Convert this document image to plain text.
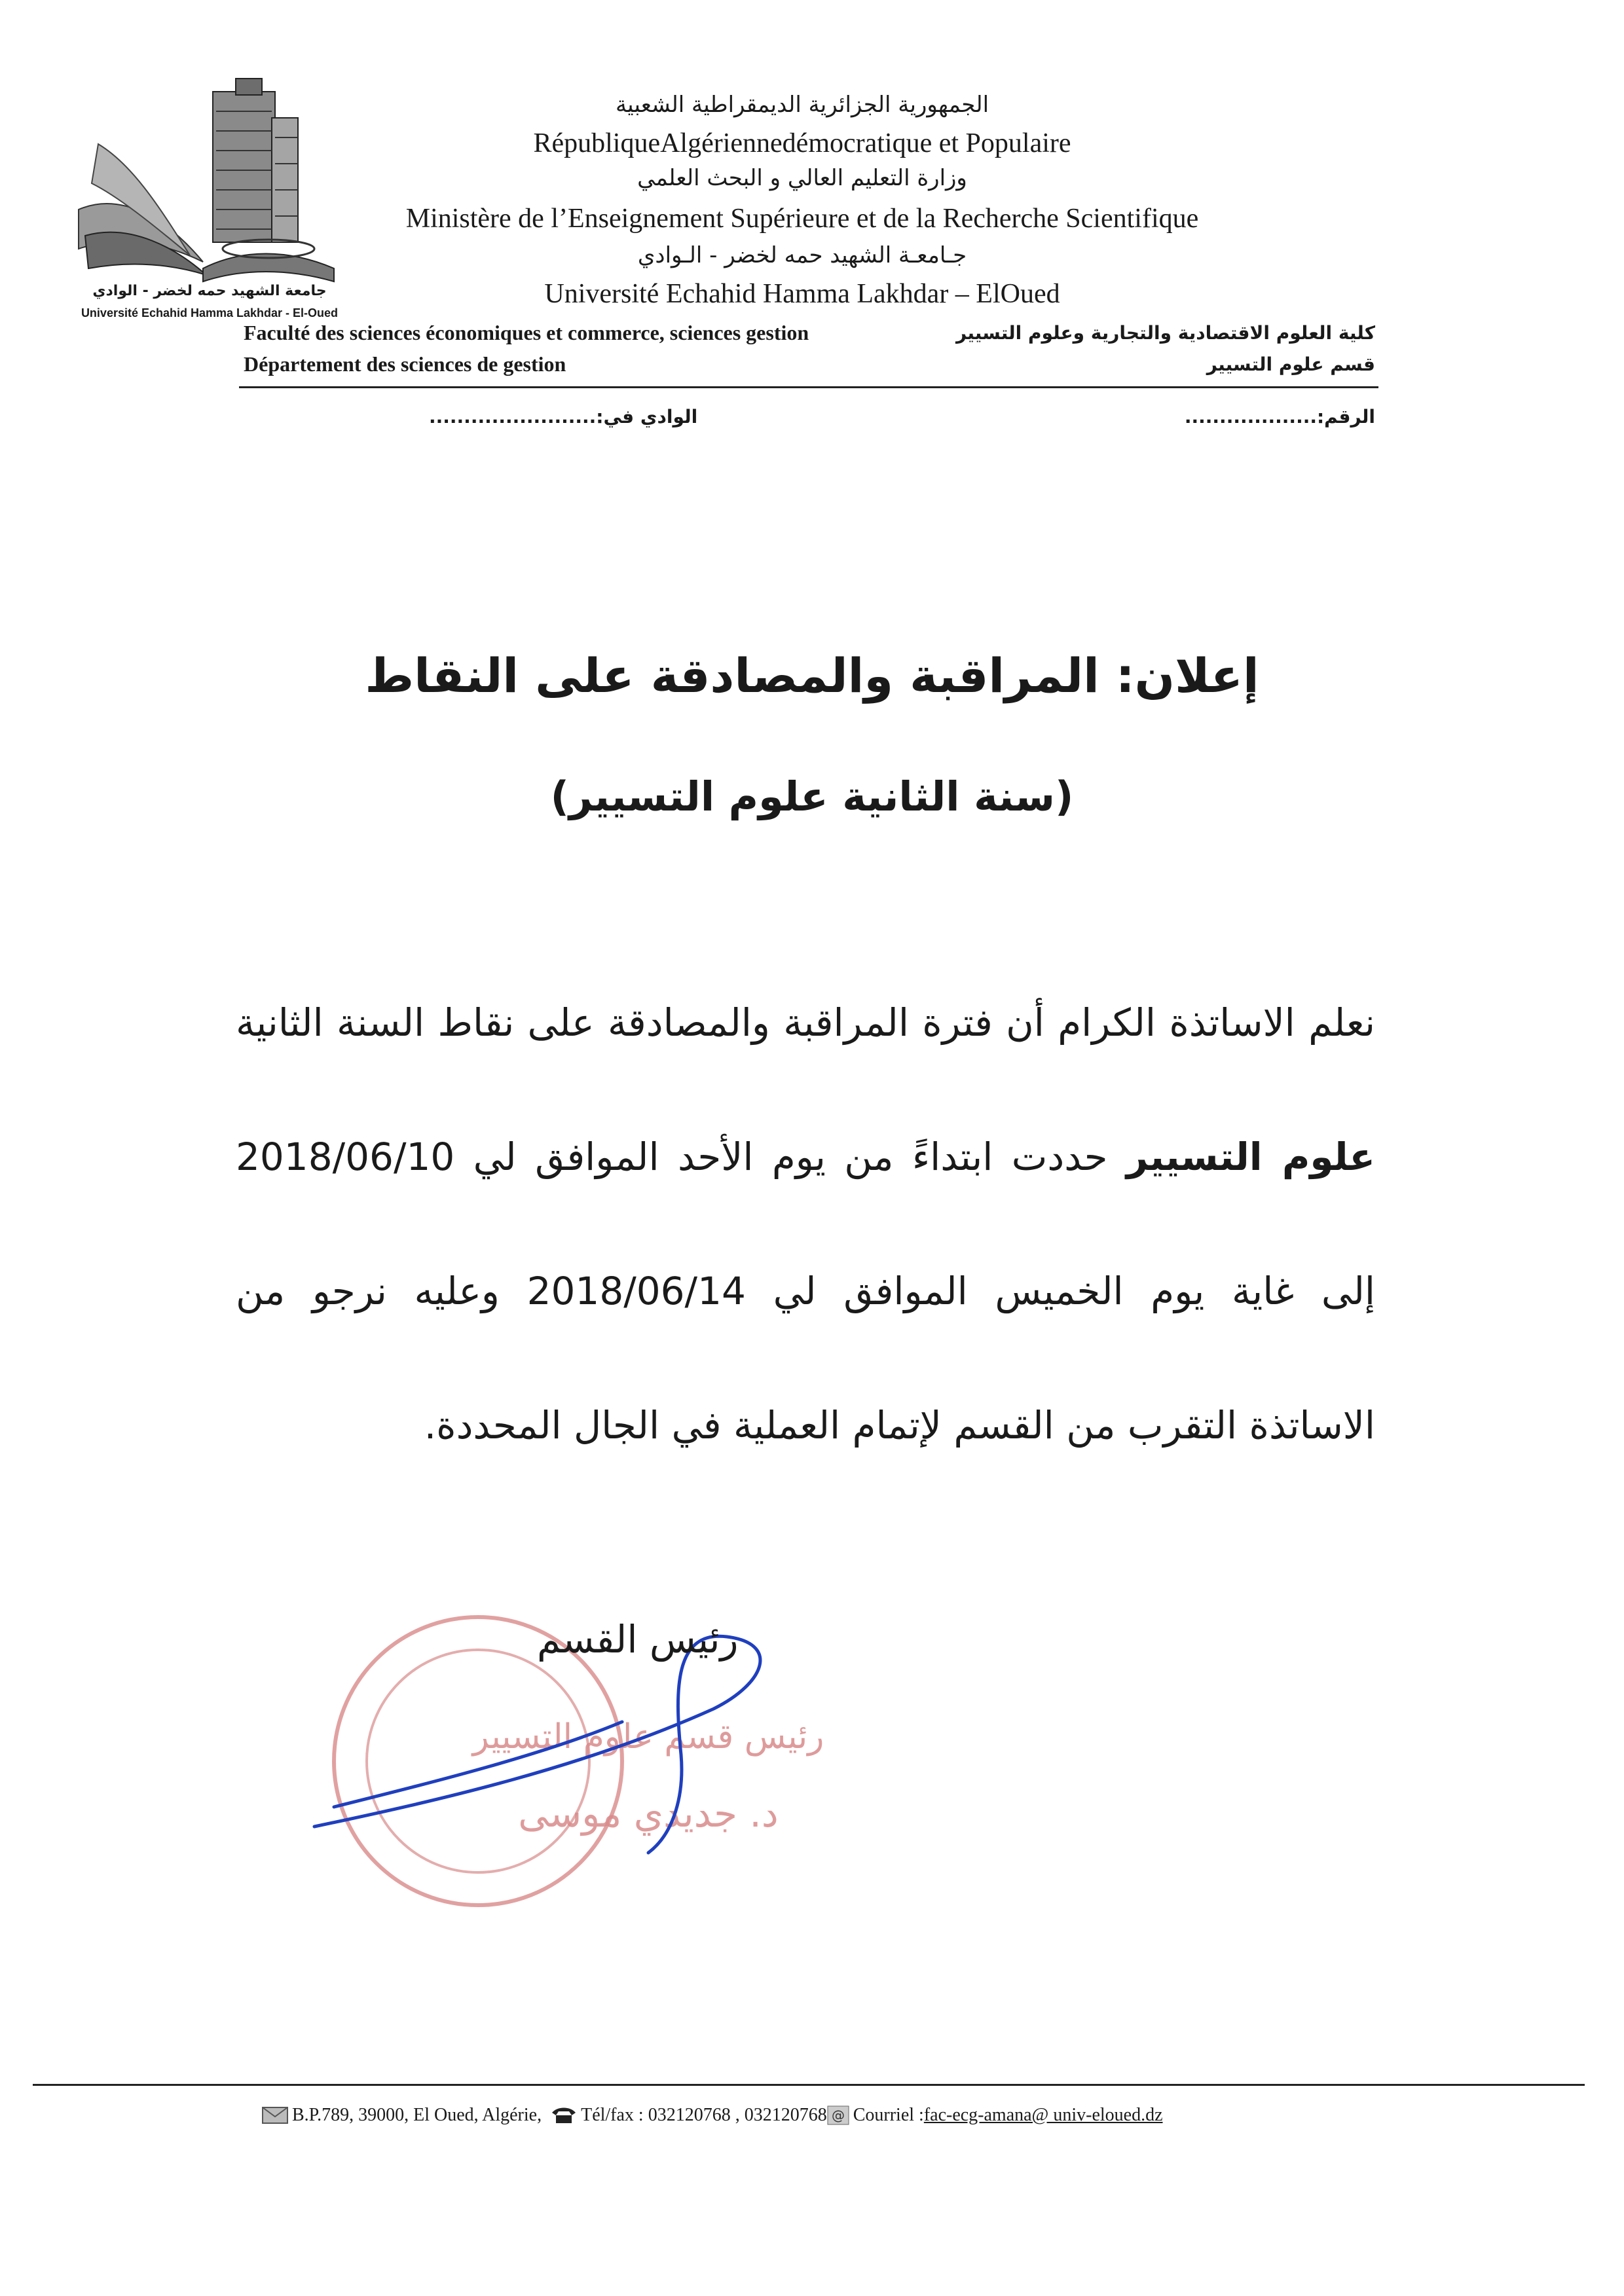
جامعة الشهيد حمه لخضر - الوادي
Université Echahid Hamma Lakhdar - El-Oued
الجمهورية الجزائرية الديمقراطية الشعبية
RépubliqueAlgériennedémocratique et Populaire
وزارة التعليم العالي و البحث العلمي
Ministère de l’Enseignement Supérieure et de la Recherche Scientifique
جـامعـة الشهيد حمه لخضر - الـوادي
Université Echahid Hamma Lakhdar – ElOued
Faculté des sciences économiques et commerce, sciences gestion
Département des sciences de gestion
كلية العلوم الاقتصادية والتجارية وعلوم التسيير
قسم علوم التسيير
الرقم:...................
الوادي في:........................
إعلان: المراقبة والمصادقة على النقاط
(سنة الثانية علوم التسيير)
نعلم الاساتذة الكرام أن فترة المراقبة والمصادقة على نقاط السنة الثانية علوم التسيير حددت ابتداءً من يوم الأحد الموافق لي 2018/06/10 إلى غاية يوم الخميس الموافق لي 2018/06/14 وعليه نرجو من الاساتذة التقرب من القسم لإتمام العملية في الجال المحددة.
رئيس قسم علوم التسيير
د. جديدي موسى
رئيس القسم
B.P.789, 39000, El Oued, Algérie,
Tél/fax : 032120768 , 032120768 @ Courriel : fac-ecg-amana@ univ-eloued.dz
